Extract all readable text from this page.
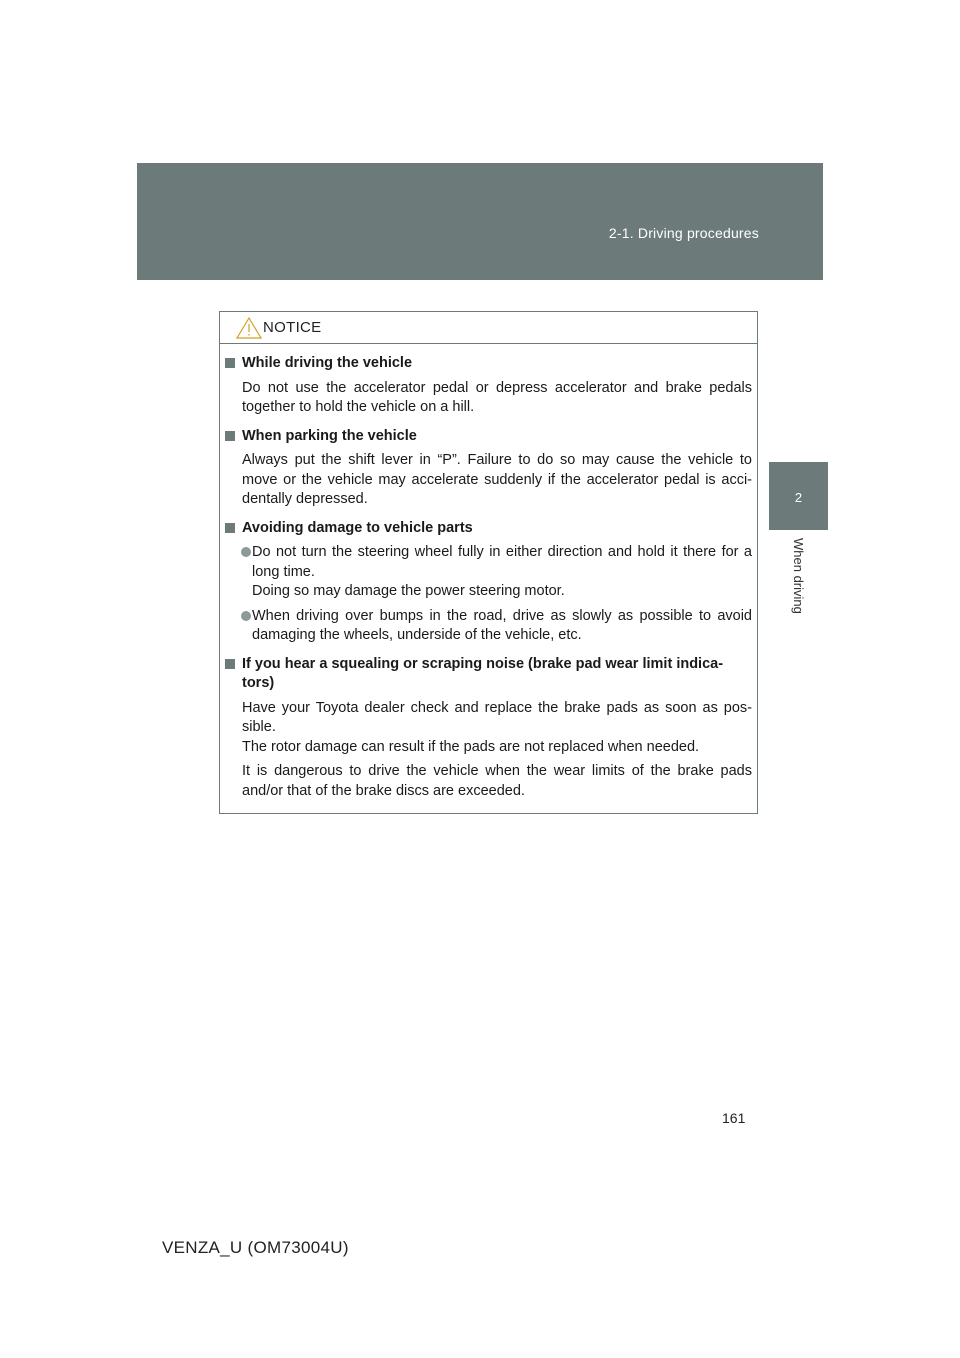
2-1. Driving procedures
2
When driving
NOTICE
While driving the vehicle
Do not use the accelerator pedal or depress accelerator and brake pedals together to hold the vehicle on a hill.
When parking the vehicle
Always put the shift lever in “P”. Failure to do so may cause the vehicle to move or the vehicle may accelerate suddenly if the accelerator pedal is acci-dentally depressed.
Avoiding damage to vehicle parts
Do not turn the steering wheel fully in either direction and hold it there for a long time.
Doing so may damage the power steering motor.
When driving over bumps in the road, drive as slowly as possible to avoid damaging the wheels, underside of the vehicle, etc.
If you hear a squealing or scraping noise (brake pad wear limit indica-tors)
Have your Toyota dealer check and replace the brake pads as soon as pos-sible.
The rotor damage can result if the pads are not replaced when needed.
It is dangerous to drive the vehicle when the wear limits of the brake pads and/or that of the brake discs are exceeded.
161
VENZA_U (OM73004U)
